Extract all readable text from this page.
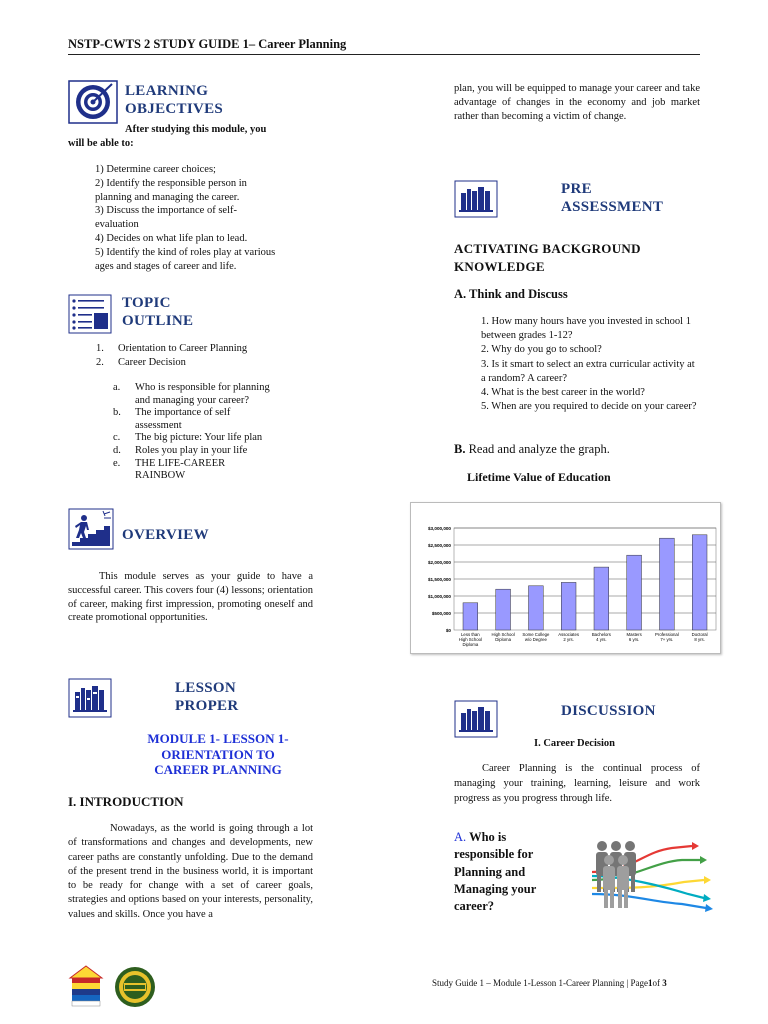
NSTP-CWTS 2 STUDY GUIDE 1– Career Planning
LEARNING
OBJECTIVES
After studying this module, you
will be able to:
1) Determine career choices;
2) Identify the responsible person in
planning and managing the career.
3) Discuss the importance of self-
evaluation
4) Decides on what life plan to lead.
5) Identify the kind of roles play at various
ages and stages of career and life.
TOPIC
OUTLINE
1.	Orientation to Career Planning
2.	Career Decision
a.	Who is responsible for planning
and managing your career?
b.	The importance of self
assessment
c.	The big picture: Your life plan
d.	Roles you play in your life
e.	THE LIFE-CAREER
RAINBOW
OVERVIEW
This module serves as your guide to have a successful career. This covers four (4) lessons; orientation of career, making first impression, promoting oneself and create promotional opportunities.
LESSON
PROPER
MODULE 1- LESSON 1-
ORIENTATION TO
CAREER PLANNING
I. INTRODUCTION
Nowadays, as the world is going through a lot of transformations and changes and developments, new career paths are constantly unfolding. Due to the demand of the present trend in the business world, it is important to be ready for change with a set of career goals, strategies and options based on your interests, personality, values and skills. Once you have a
plan, you will be equipped to manage your career and take advantage of changes in the economy and job market rather than becoming a victim of change.
PRE
ASSESSMENT
ACTIVATING BACKGROUND
KNOWLEDGE
A. Think and Discuss
1. How many hours have you invested in school 1 between grades 1-12?
2. Why do you go to school?
3. Is it smart to select an extra curricular activity at a random? A career?
4. What is the best career in the world?
5. When are you required to decide on your career?
B. Read and analyze the graph.
Lifetime Value of Education
$0
$500,000
$1,000,000
$1,500,000
$2,000,000
$2,500,000
$3,000,000
Less than High School Diploma
High School Diploma
Some College w/o Degree
Associates 2 yrs.
Bachelors 4 yrs.
Masters 6 yrs.
Professional 7+ yrs.
Doctoral 8 yrs.
DISCUSSION
I. Career Decision
Career Planning is the continual process of managing your training, learning, leisure and work progress as you progress through life.
A. Who is
responsible for
Planning and
Managing your
career?
Study Guide 1 – Module 1-Lesson 1-Career Planning | Page1of 3
